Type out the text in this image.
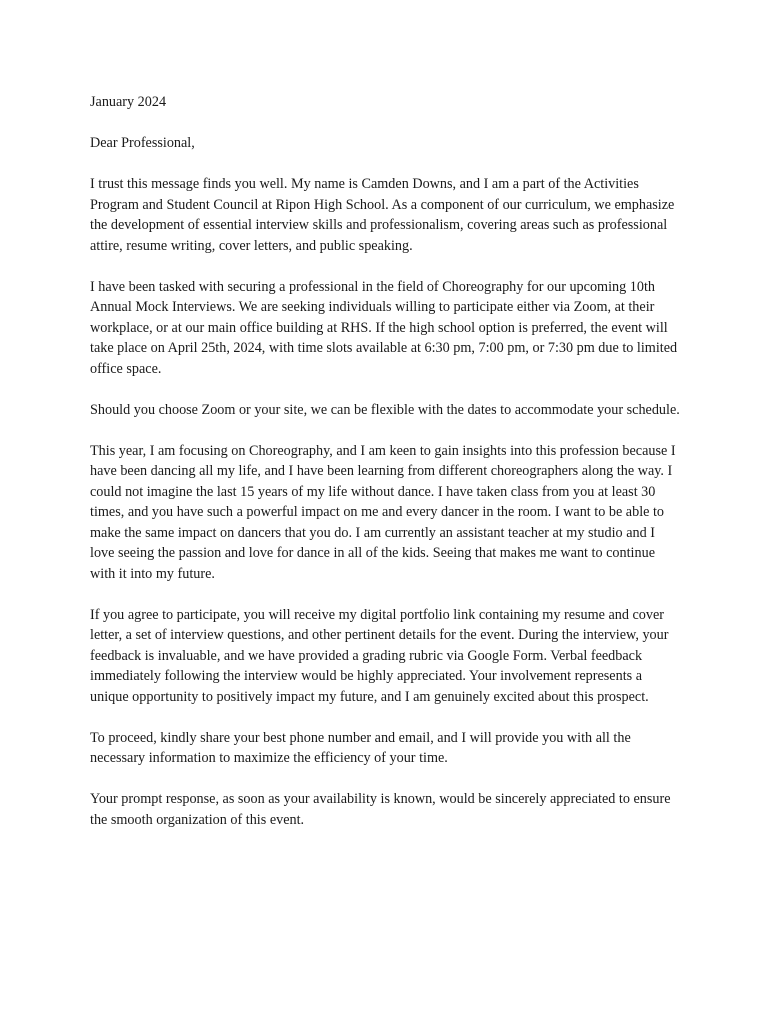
January 2024

Dear Professional,

I trust this message finds you well. My name is Camden Downs, and I am a part of the Activities Program and Student Council at Ripon High School. As a component of our curriculum, we emphasize the development of essential interview skills and professionalism, covering areas such as professional attire, resume writing, cover letters, and public speaking.

I have been tasked with securing a professional in the field of Choreography for our upcoming 10th Annual Mock Interviews. We are seeking individuals willing to participate either via Zoom, at their workplace, or at our main office building at RHS. If the high school option is preferred, the event will take place on April 25th, 2024, with time slots available at 6:30 pm, 7:00 pm, or 7:30 pm due to limited office space.

Should you choose Zoom or your site, we can be flexible with the dates to accommodate your schedule.

This year, I am focusing on Choreography, and I am keen to gain insights into this profession because I have been dancing all my life, and I have been learning from different choreographers along the way. I could not imagine the last 15 years of my life without dance. I have taken class from you at least 30 times, and you have such a powerful impact on me and every dancer in the room. I want to be able to make the same impact on dancers that you do. I am currently an assistant teacher at my studio and I love seeing the passion and love for dance in all of the kids. Seeing that makes me want to continue with it into my future.

If you agree to participate, you will receive my digital portfolio link containing my resume and cover letter, a set of interview questions, and other pertinent details for the event. During the interview, your feedback is invaluable, and we have provided a grading rubric via Google Form. Verbal feedback immediately following the interview would be highly appreciated. Your involvement represents a unique opportunity to positively impact my future, and I am genuinely excited about this prospect.

To proceed, kindly share your best phone number and email, and I will provide you with all the necessary information to maximize the efficiency of your time.

Your prompt response, as soon as your availability is known, would be sincerely appreciated to ensure the smooth organization of this event.
